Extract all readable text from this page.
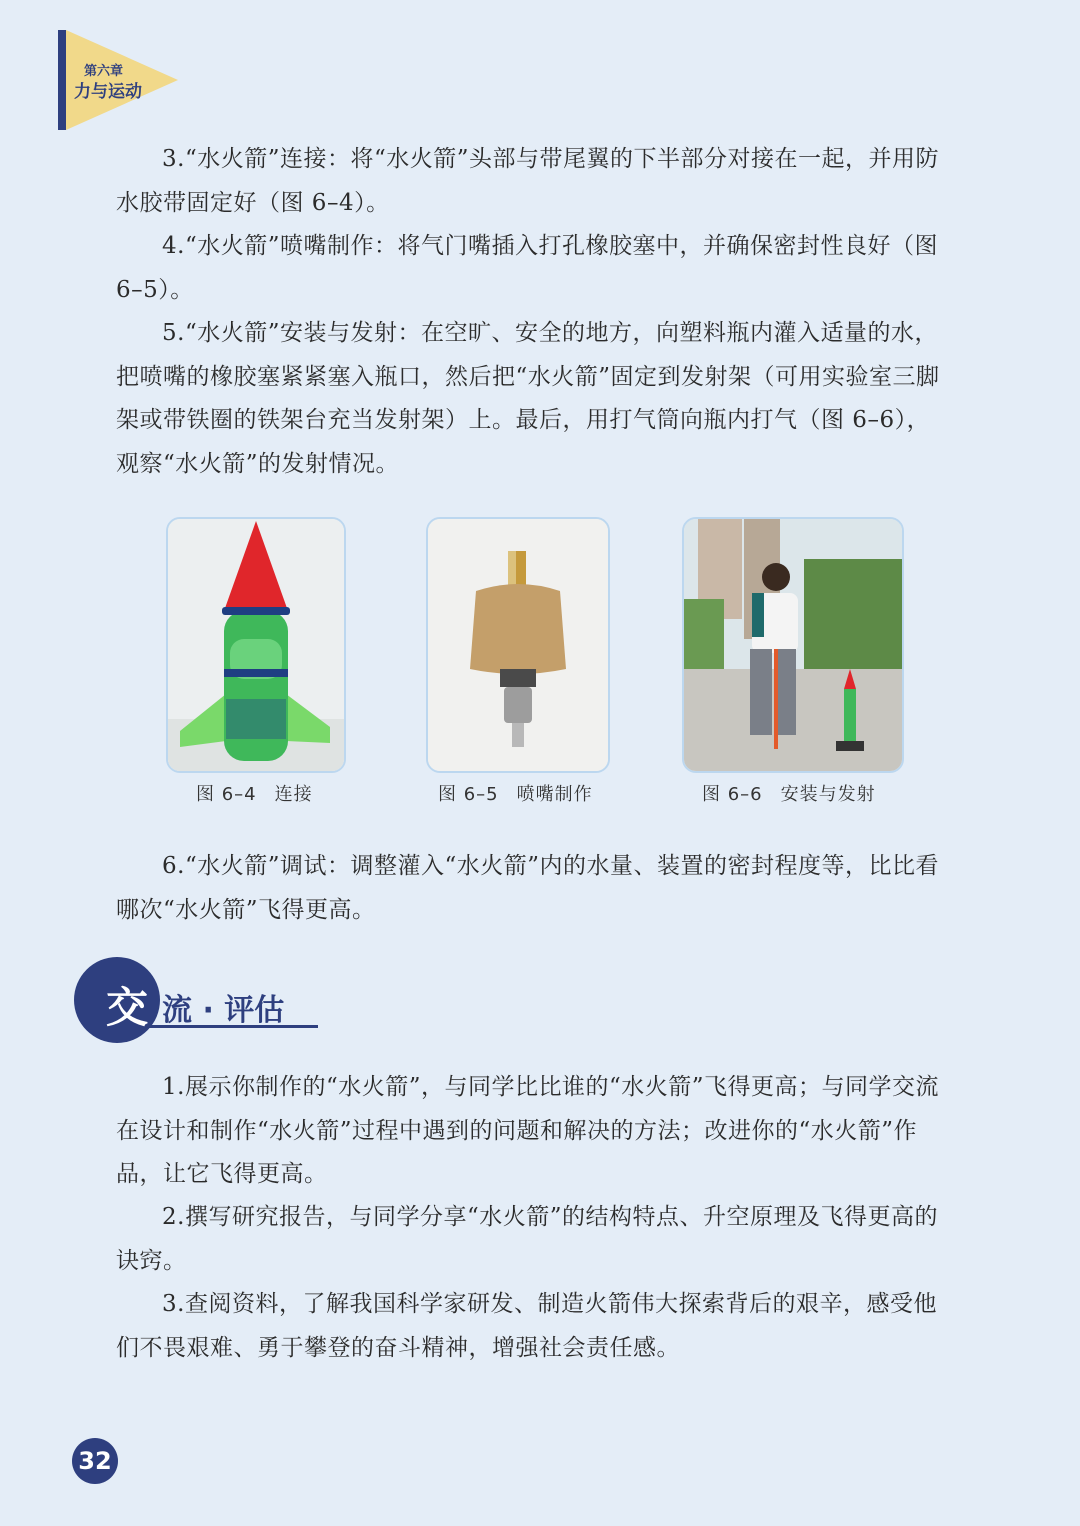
第六章
力与运动

3.“水火箭”连接：将“水火箭”头部与带尾翼的下半部分对接在一起，并用防水胶带固定好（图 6–4）。

4.“水火箭”喷嘴制作：将气门嘴插入打孔橡胶塞中，并确保密封性良好（图 6–5）。

5.“水火箭”安装与发射：在空旷、安全的地方，向塑料瓶内灌入适量的水，把喷嘴的橡胶塞紧紧塞入瓶口，然后把“水火箭”固定到发射架（可用实验室三脚架或带铁圈的铁架台充当发射架）上。最后，用打气筒向瓶内打气（图 6–6），观察“水火箭”的发射情况。

图 6–4 连接	图 6–5 喷嘴制作	图 6–6 安装与发射

6.“水火箭”调试：调整灌入“水火箭”内的水量、装置的密封程度等，比比看哪次“水火箭”飞得更高。

交 流 · 评估

1.展示你制作的“水火箭”，与同学比比谁的“水火箭”飞得更高；与同学交流在设计和制作“水火箭”过程中遇到的问题和解决的方法；改进你的“水火箭”作品，让它飞得更高。

2.撰写研究报告，与同学分享“水火箭”的结构特点、升空原理及飞得更高的诀窍。

3.查阅资料，了解我国科学家研发、制造火箭伟大探索背后的艰辛，感受他们不畏艰难、勇于攀登的奋斗精神，增强社会责任感。

32
